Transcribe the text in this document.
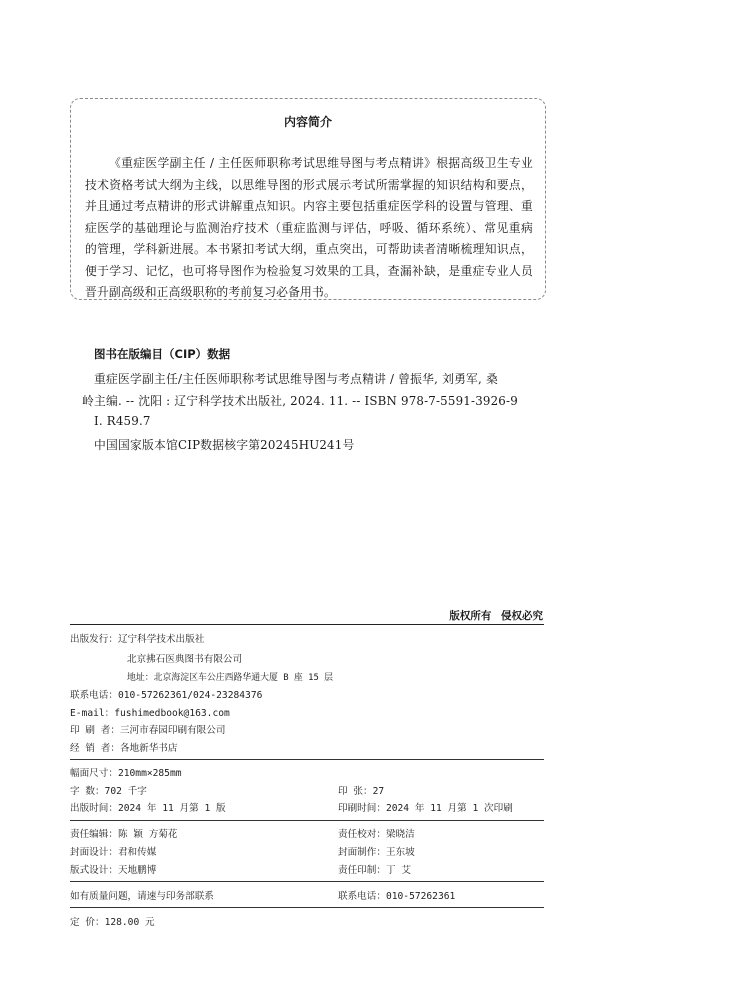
内容简介
《重症医学副主任 / 主任医师职称考试思维导图与考点精讲》根据高级卫生专业技术资格考试大纲为主线，以思维导图的形式展示考试所需掌握的知识结构和要点，并且通过考点精讲的形式讲解重点知识。内容主要包括重症医学科的设置与管理、重症医学的基础理论与监测治疗技术（重症监测与评估，呼吸、循环系统）、常见重病的管理，学科新进展。本书紧扣考试大纲，重点突出，可帮助读者清晰梳理知识点，便于学习、记忆，也可将导图作为检验复习效果的工具，查漏补缺，是重症专业人员晋升副高级和正高级职称的考前复习必备用书。
图书在版编目（CIP）数据
重症医学副主任/主任医师职称考试思维导图与考点精讲 / 曾振华, 刘勇军, 桑
岭主编. -- 沈阳 : 辽宁科学技术出版社, 2024. 11. -- ISBN 978-7-5591-3926-9
Ⅰ. R459.7
中国国家版本馆CIP数据核字第20245HU241号
版权所有 侵权必究
出版发行：辽宁科学技术出版社
北京拂石医典图书有限公司
地址：北京海淀区车公庄西路华通大厦 B 座 15 层
联系电话：010-57262361/024-23284376
E-mail：fushimedbook@163.com
印 刷 者：三河市春园印刷有限公司
经 销 者：各地新华书店
幅面尺寸：210mm×285mm
字 数：702 千字	印 张：27
出版时间：2024 年 11 月第 1 版	印刷时间：2024 年 11 月第 1 次印刷
责任编辑：陈 颖 方菊花	责任校对：梁晓洁
封面设计：君和传媒	封面制作：王东坡
版式设计：天地鹏博	责任印制：丁 艾
如有质量问题，请速与印务部联系	联系电话：010-57262361
定 价：128.00 元
